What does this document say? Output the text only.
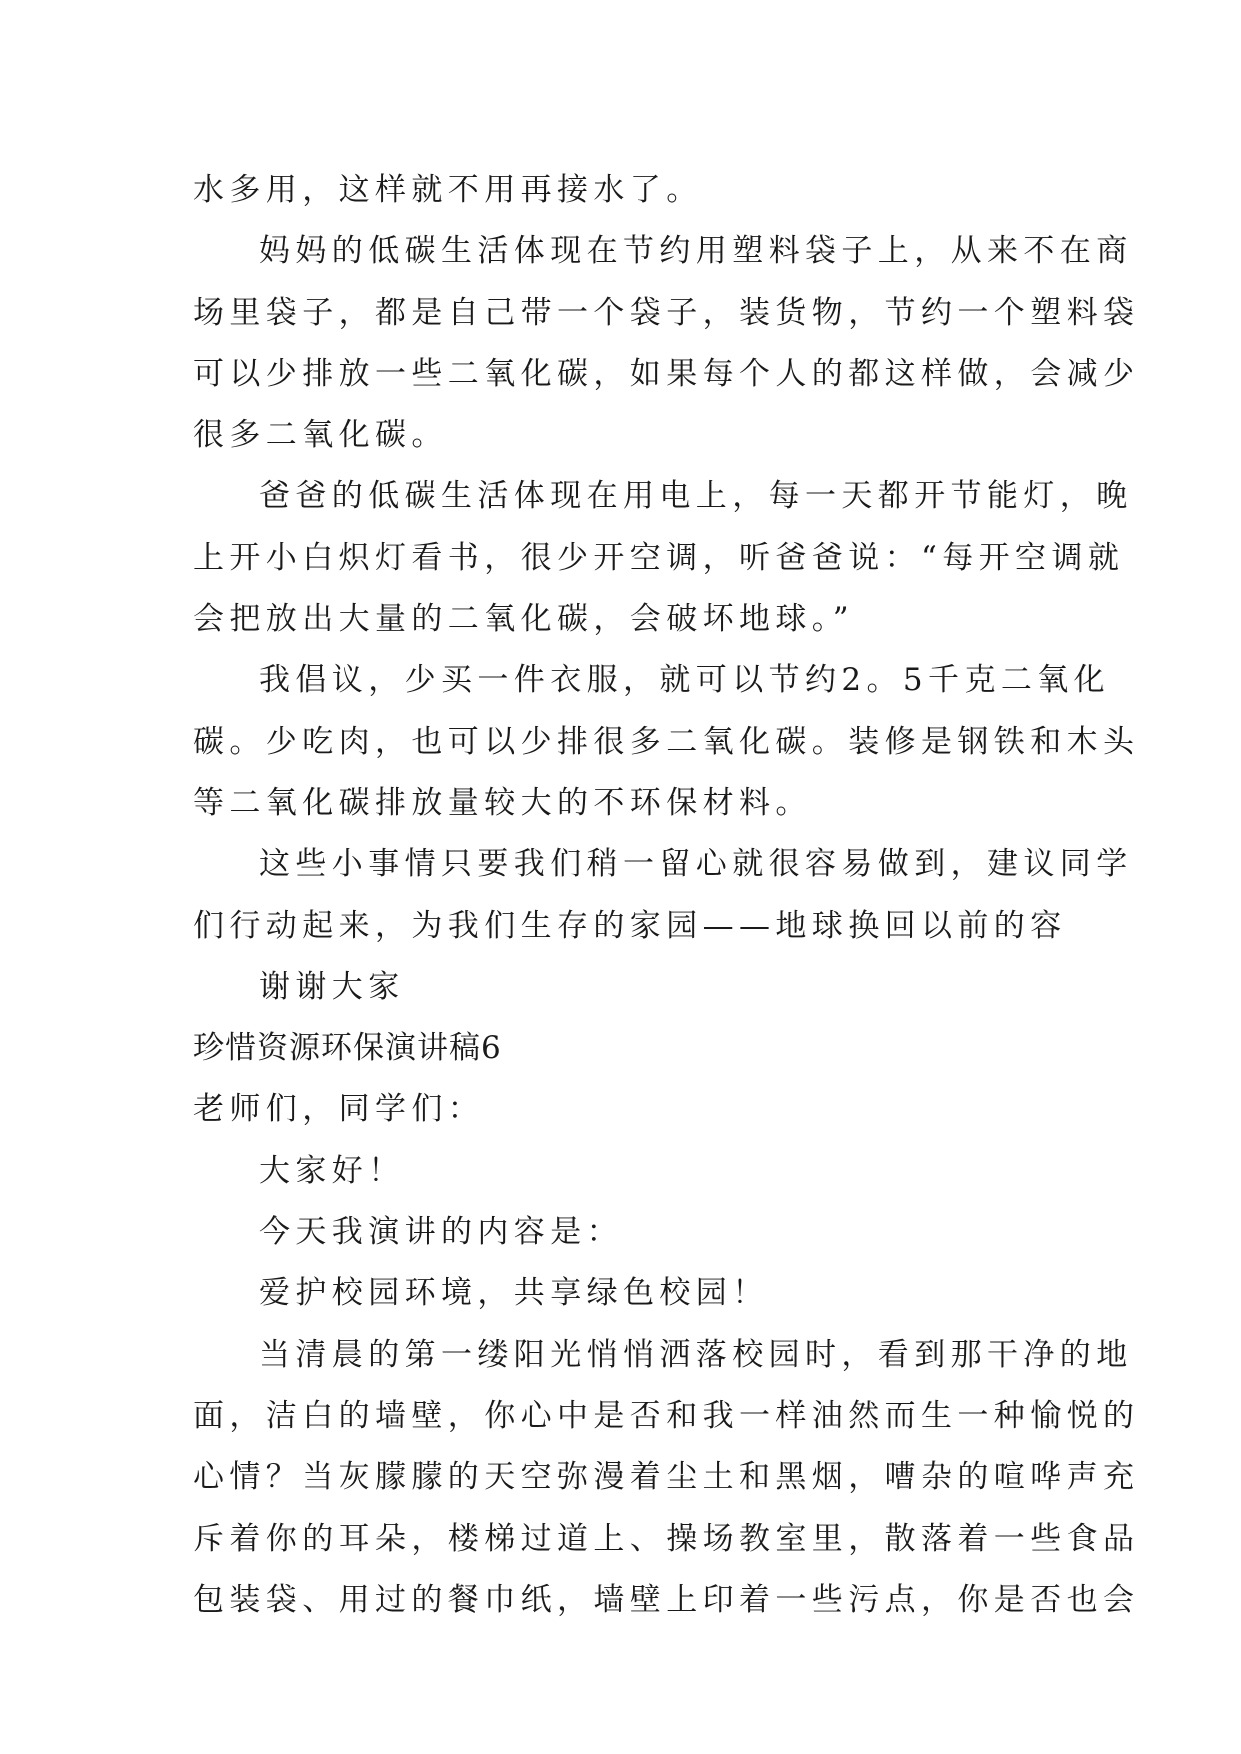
水多用，这样就不用再接水了。
妈妈的低碳生活体现在节约用塑料袋子上，从来不在商
场里袋子，都是自己带一个袋子，装货物，节约一个塑料袋
可以少排放一些二氧化碳，如果每个人的都这样做，会减少
很多二氧化碳。
爸爸的低碳生活体现在用电上，每一天都开节能灯，晚
上开小白炽灯看书，很少开空调，听爸爸说：“每开空调就
会把放出大量的二氧化碳，会破坏地球。”
我倡议，少买一件衣服，就可以节约2。5千克二氧化
碳。少吃肉，也可以少排很多二氧化碳。装修是钢铁和木头
等二氧化碳排放量较大的不环保材料。
这些小事情只要我们稍一留心就很容易做到，建议同学
们行动起来，为我们生存的家园——地球换回以前的容
谢谢大家
珍惜资源环保演讲稿6
老师们，同学们：
大家好！
今天我演讲的内容是：
爱护校园环境，共享绿色校园！
当清晨的第一缕阳光悄悄洒落校园时，看到那干净的地
面，洁白的墙壁，你心中是否和我一样油然而生一种愉悦的
心情？当灰朦朦的天空弥漫着尘土和黑烟，嘈杂的喧哗声充
斥着你的耳朵，楼梯过道上、操场教室里，散落着一些食品
包装袋、用过的餐巾纸，墙壁上印着一些污点，你是否也会
